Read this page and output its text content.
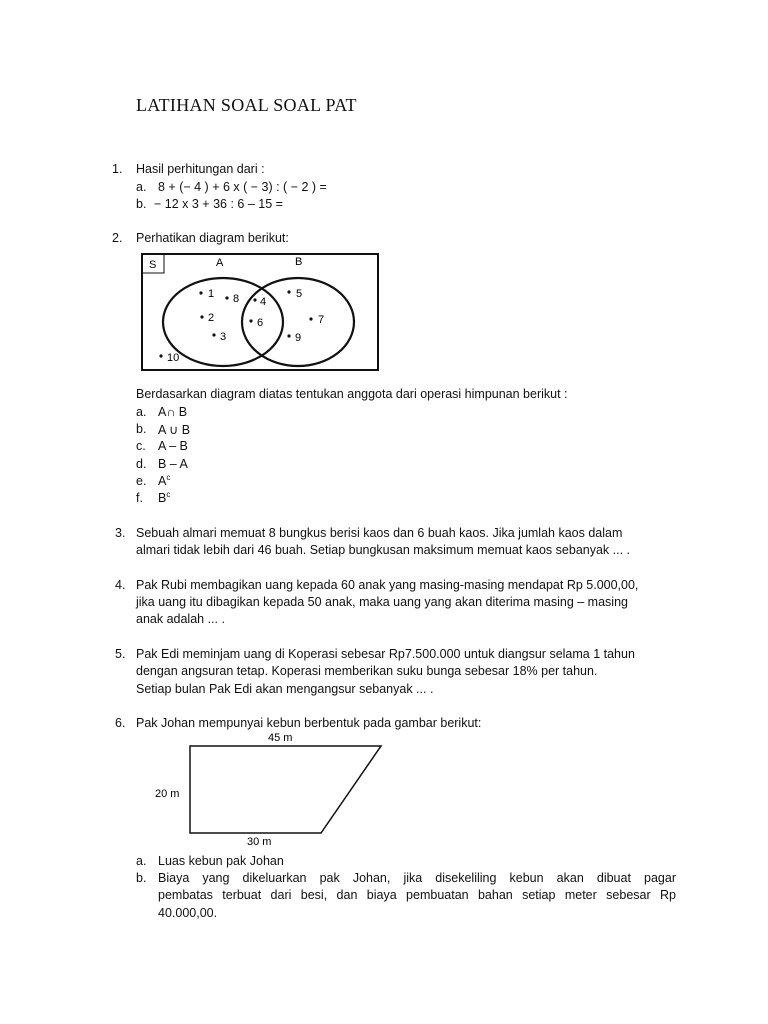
LATIHAN SOAL SOAL PAT
1. Hasil perhitungan dari :
a. 8 + (− 4 ) + 6 x ( − 3) : ( − 2 ) =
b. − 12 x 3 + 36 : 6 – 15 =
2. Perhatikan diagram berikut:
S	A	B
1 8
2
3
4
6
5
7
9
10
Berdasarkan diagram diatas tentukan anggota dari operasi himpunan berikut :
a. A∩ B
b. A ∪ B
c. A – B
d. B – A
e. $A^c$
f. $B^c$
3. Sebuah almari memuat 8 bungkus berisi kaos dan 6 buah kaos. Jika jumlah kaos dalam
almari tidak lebih dari 46 buah. Setiap bungkusan maksimum memuat kaos sebanyak ... .
4. Pak Rubi membagikan uang kepada 60 anak yang masing-masing mendapat Rp 5.000,00,
jika uang itu dibagikan kepada 50 anak, maka uang yang akan diterima masing – masing
anak adalah ... .
5. Pak Edi meminjam uang di Koperasi sebesar Rp7.500.000 untuk diangsur selama 1 tahun
dengan angsuran tetap. Koperasi memberikan suku bunga sebesar 18% per tahun.
Setiap bulan Pak Edi akan mengangsur sebanyak ... .
6. Pak Johan mempunyai kebun berbentuk pada gambar berikut:
45 m
20 m
30 m
a. Luas kebun pak Johan
b. Biaya yang dikeluarkan pak Johan, jika disekeliling kebun akan dibuat pagar
pembatas terbuat dari besi, dan biaya pembuatan bahan setiap meter sebesar Rp
40.000,00.
